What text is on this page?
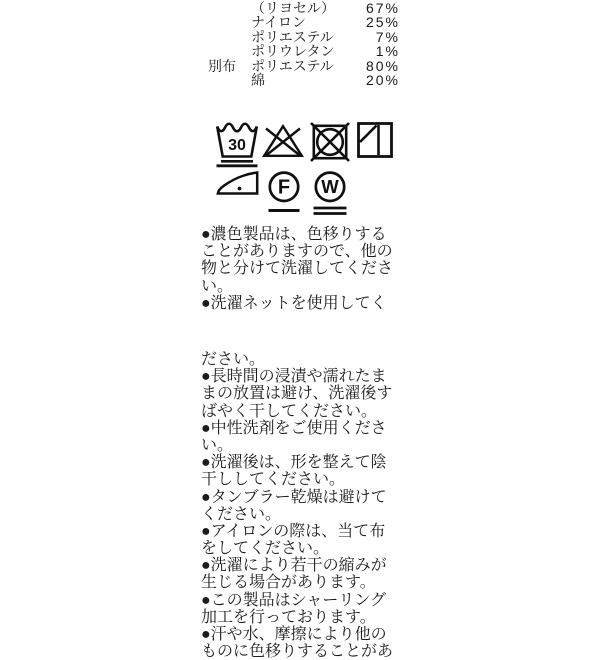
（リヨセル）	67%
ナイロン	25%
ポリエステル	7%
ポリウレタン	1%
別布	ポリエステル	80%
綿	20%
30
F W
●濃色製品は、色移りする
ことがありますので、他の
物と分けて洗濯してくださ
い。
●洗濯ネットを使用してく
ださい。
●長時間の浸漬や濡れたま
まの放置は避け、洗濯後す
ばやく干してください。
●中性洗剤をご使用くださ
い。
●洗濯後は、形を整えて陰
干ししてください。
●タンブラー乾燥は避けて
ください。
●アイロンの際は、当て布
をしてください。
●洗濯により若干の縮みが
生じる場合があります。
●この製品はシャーリング
加工を行っております。
●汗や水、摩擦により他の
ものに色移りすることがあ
